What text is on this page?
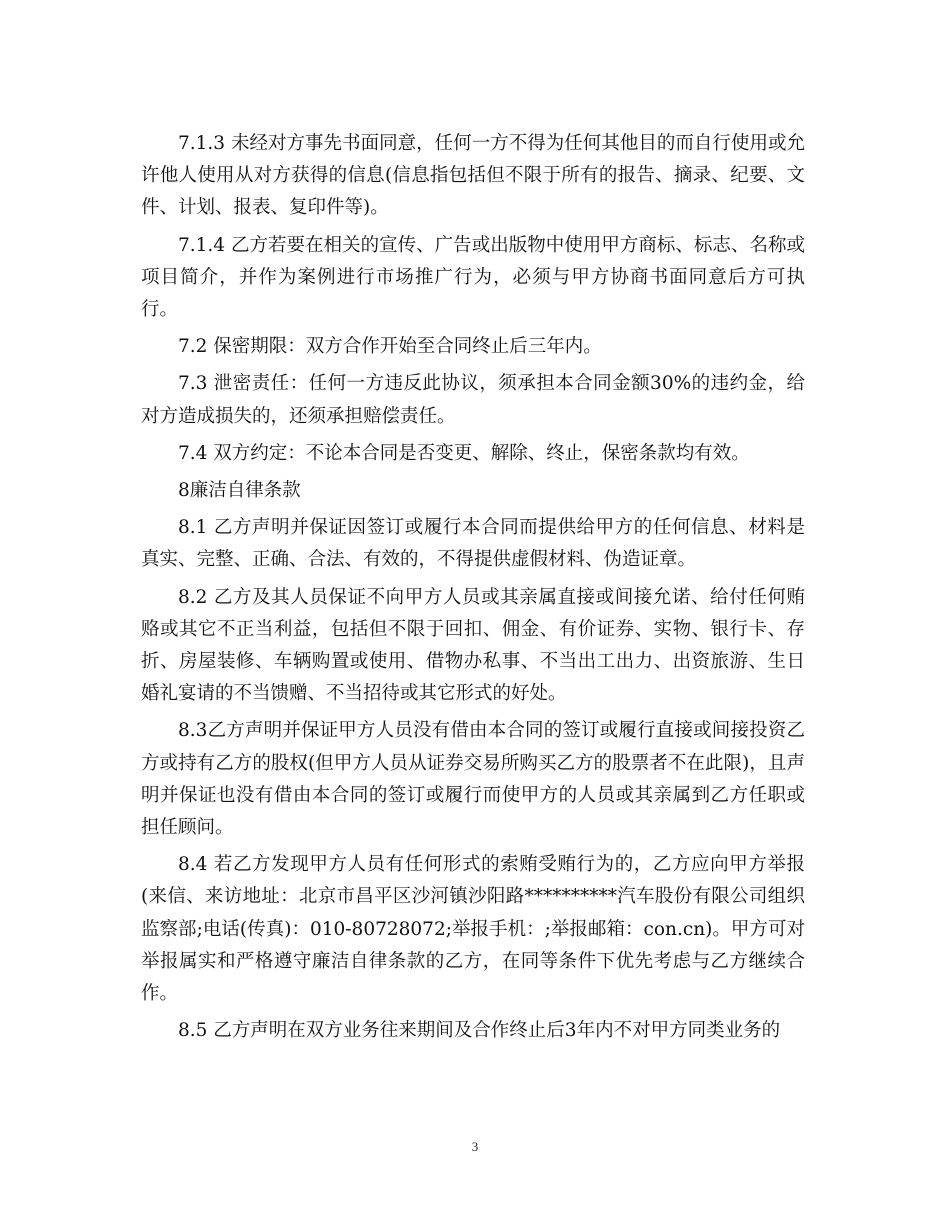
7.1.3 未经对方事先书面同意，任何一方不得为任何其他目的而自行使用或允许他人使用从对方获得的信息(信息指包括但不限于所有的报告、摘录、纪要、文件、计划、报表、复印件等)。

7.1.4 乙方若要在相关的宣传、广告或出版物中使用甲方商标、标志、名称或项目简介，并作为案例进行市场推广行为，必须与甲方协商书面同意后方可执行。

7.2 保密期限：双方合作开始至合同终止后三年内。

7.3 泄密责任：任何一方违反此协议，须承担本合同金额30%的违约金，给对方造成损失的，还须承担赔偿责任。

7.4 双方约定：不论本合同是否变更、解除、终止，保密条款均有效。

8廉洁自律条款

8.1 乙方声明并保证因签订或履行本合同而提供给甲方的任何信息、材料是真实、完整、正确、合法、有效的，不得提供虚假材料、伪造证章。

8.2 乙方及其人员保证不向甲方人员或其亲属直接或间接允诺、给付任何贿赂或其它不正当利益，包括但不限于回扣、佣金、有价证券、实物、银行卡、存折、房屋装修、车辆购置或使用、借物办私事、不当出工出力、出资旅游、生日婚礼宴请的不当馈赠、不当招待或其它形式的好处。

8.3乙方声明并保证甲方人员没有借由本合同的签订或履行直接或间接投资乙方或持有乙方的股权(但甲方人员从证券交易所购买乙方的股票者不在此限)，且声明并保证也没有借由本合同的签订或履行而使甲方的人员或其亲属到乙方任职或担任顾问。

8.4 若乙方发现甲方人员有任何形式的索贿受贿行为的，乙方应向甲方举报(来信、来访地址：北京市昌平区沙河镇沙阳路**********汽车股份有限公司组织监察部;电话(传真)：010-80728072;举报手机：;举报邮箱：con.cn)。甲方可对举报属实和严格遵守廉洁自律条款的乙方，在同等条件下优先考虑与乙方继续合作。

8.5 乙方声明在双方业务往来期间及合作终止后3年内不对甲方同类业务的

3
